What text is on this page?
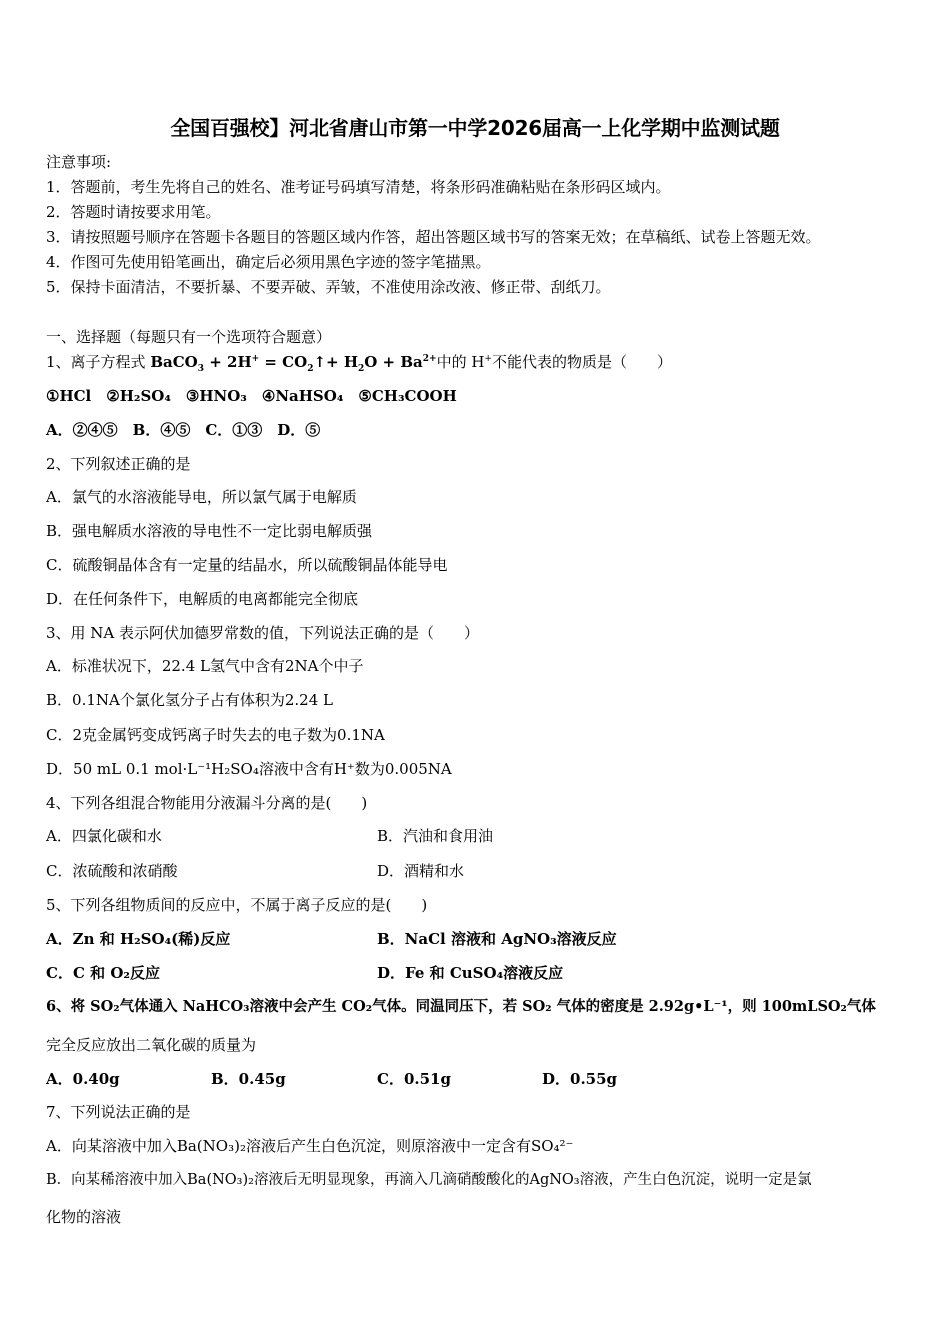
全国百强校】河北省唐山市第一中学2026届高一上化学期中监测试题
注意事项:
1．答题前，考生先将自己的姓名、准考证号码填写清楚，将条形码准确粘贴在条形码区域内。
2．答题时请按要求用笔。
3．请按照题号顺序在答题卡各题目的答题区域内作答，超出答题区域书写的答案无效；在草稿纸、试卷上答题无效。
4．作图可先使用铅笔画出，确定后必须用黑色字迹的签字笔描黑。
5．保持卡面清洁，不要折暴、不要弄破、弄皱，不准使用涂改液、修正带、刮纸刀。
一、选择题（每题只有一个选项符合题意）
1、离子方程式 BaCO$_3$ + $2H^+ = CO_2↑+ H_2O + Ba^{2+}$中的 H+不能代表的物质是（　　）
①HCl　②H₂SO₄　③HNO₃　④NaHSO₄　⑤CH₃COOH
A．②④⑤　B．④⑤　C．①③　D．⑤
2、下列叙述正确的是
A．氯气的水溶液能导电，所以氯气属于电解质
B．强电解质水溶液的导电性不一定比弱电解质强
C．硫酸铜晶体含有一定量的结晶水，所以硫酸铜晶体能导电
D．在任何条件下，电解质的电离都能完全彻底
3、用 NA 表示阿伏加德罗常数的值，下列说法正确的是（　　）
A．标准状况下，22.4 L氢气中含有2NA个中子
B．0.1NA个氯化氢分子占有体积为2.24 L
C．2克金属钙变成钙离子时失去的电子数为0.1NA
D．50 mL 0.1 mol·L⁻¹H₂SO₄溶液中含有H⁺数为0.005NA
4、下列各组混合物能用分液漏斗分离的是(　　)
A．四氯化碳和水	B．汽油和食用油
C．浓硫酸和浓硝酸	D．酒精和水
5、下列各组物质间的反应中，不属于离子反应的是(　　)
A．Zn 和 H₂SO₄(稀)反应	B．NaCl 溶液和 AgNO₃溶液反应
C．C 和 O₂反应	D．Fe 和 CuSO₄溶液反应
6、将 SO₂气体通入 NaHCO₃溶液中会产生 CO₂气体。同温同压下，若 SO₂ 气体的密度是 2.92g•L⁻¹，则 100mLSO₂气体
完全反应放出二氧化碳的质量为
A．0.40g	B．0.45g	C．0.51g	D．0.55g
7、下列说法正确的是
A．向某溶液中加入Ba(NO₃)₂溶液后产生白色沉淀，则原溶液中一定含有SO₄²⁻
B．向某稀溶液中加入Ba(NO₃)₂溶液后无明显现象，再滴入几滴硝酸酸化的AgNO₃溶液，产生白色沉淀，说明一定是氯
化物的溶液
